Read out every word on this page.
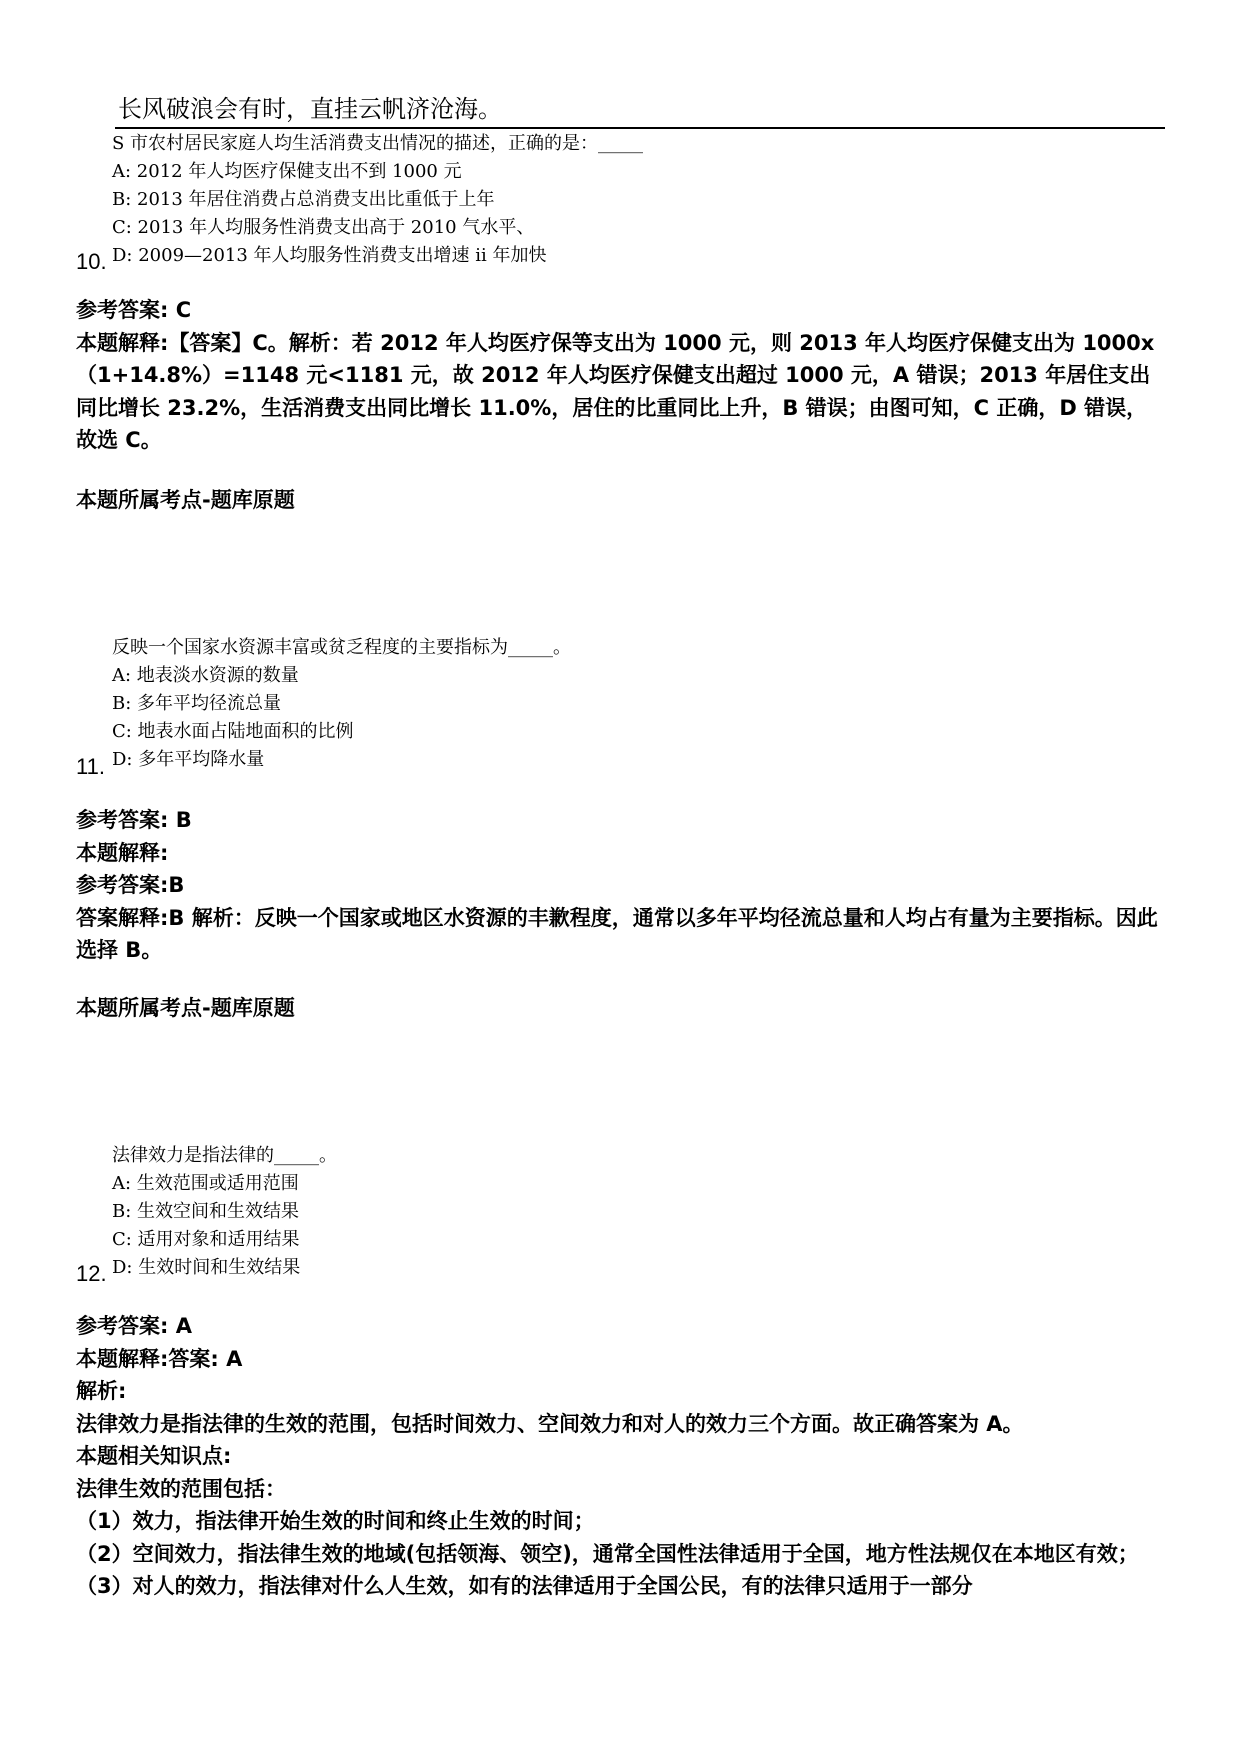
长风破浪会有时，直挂云帆济沧海。
S 市农村居民家庭人均生活消费支出情况的描述，正确的是：_____
A: 2012 年人均医疗保健支出不到 1000 元
B: 2013 年居住消费占总消费支出比重低于上年
C: 2013 年人均服务性消费支出高于 2010 气水平、
D: 2009—2013 年人均服务性消费支出增速 ii 年加快
10.

参考答案: C

本题解释:【答案】C。解析：若 2012 年人均医疗保等支出为 1000 元，则 2013 年人均医疗保健支出为 1000x（1+14.8%）=1148 元<1181 元，故 2012 年人均医疗保健支出超过 1000 元，A 错误；2013 年居住支出同比增长 23.2%，生活消费支出同比增长 11.0%，居住的比重同比上升，B 错误；由图可知，C 正确，D 错误，故选 C。

本题所属考点-题库原题
反映一个国家水资源丰富或贫乏程度的主要指标为_____。
A: 地表淡水资源的数量
B: 多年平均径流总量
C: 地表水面占陆地面积的比例
D: 多年平均降水量
11.

参考答案: B

本题解释:

参考答案:B

答案解释:B 解析：反映一个国家或地区水资源的丰歉程度，通常以多年平均径流总量和人均占有量为主要指标。因此选择 B。

本题所属考点-题库原题
法律效力是指法律的_____。
A: 生效范围或适用范围
B: 生效空间和生效结果
C: 适用对象和适用结果
D: 生效时间和生效结果
12.

参考答案: A

本题解释:答案: A

解析:

法律效力是指法律的生效的范围，包括时间效力、空间效力和对人的效力三个方面。故正确答案为 A。

本题相关知识点:

法律生效的范围包括：

（1）效力，指法律开始生效的时间和终止生效的时间；

（2）空间效力，指法律生效的地域(包括领海、领空)，通常全国性法律适用于全国，地方性法规仅在本地区有效；

（3）对人的效力，指法律对什么人生效，如有的法律适用于全国公民，有的法律只适用于一部分
